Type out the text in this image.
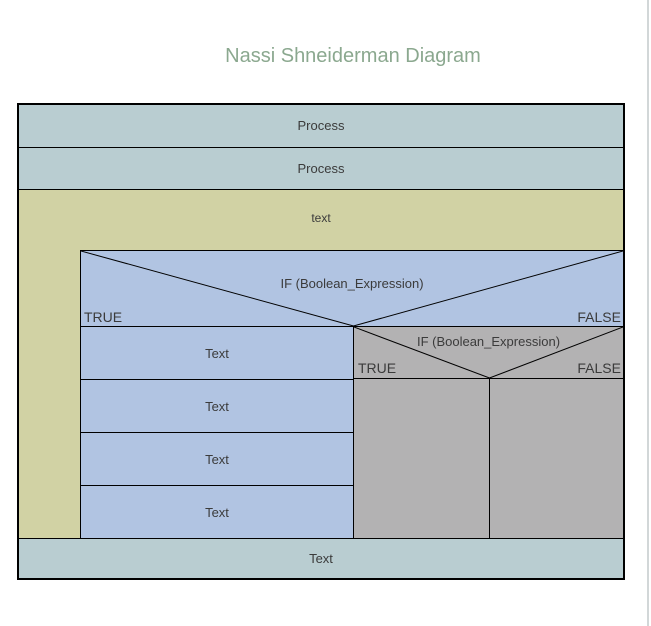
Nassi Shneiderman Diagram
Process
Process
text
IF (Boolean_Expression)
TRUE	FALSE
Text
Text
Text
Text
IF (Boolean_Expression)
TRUE	FALSE
Text
